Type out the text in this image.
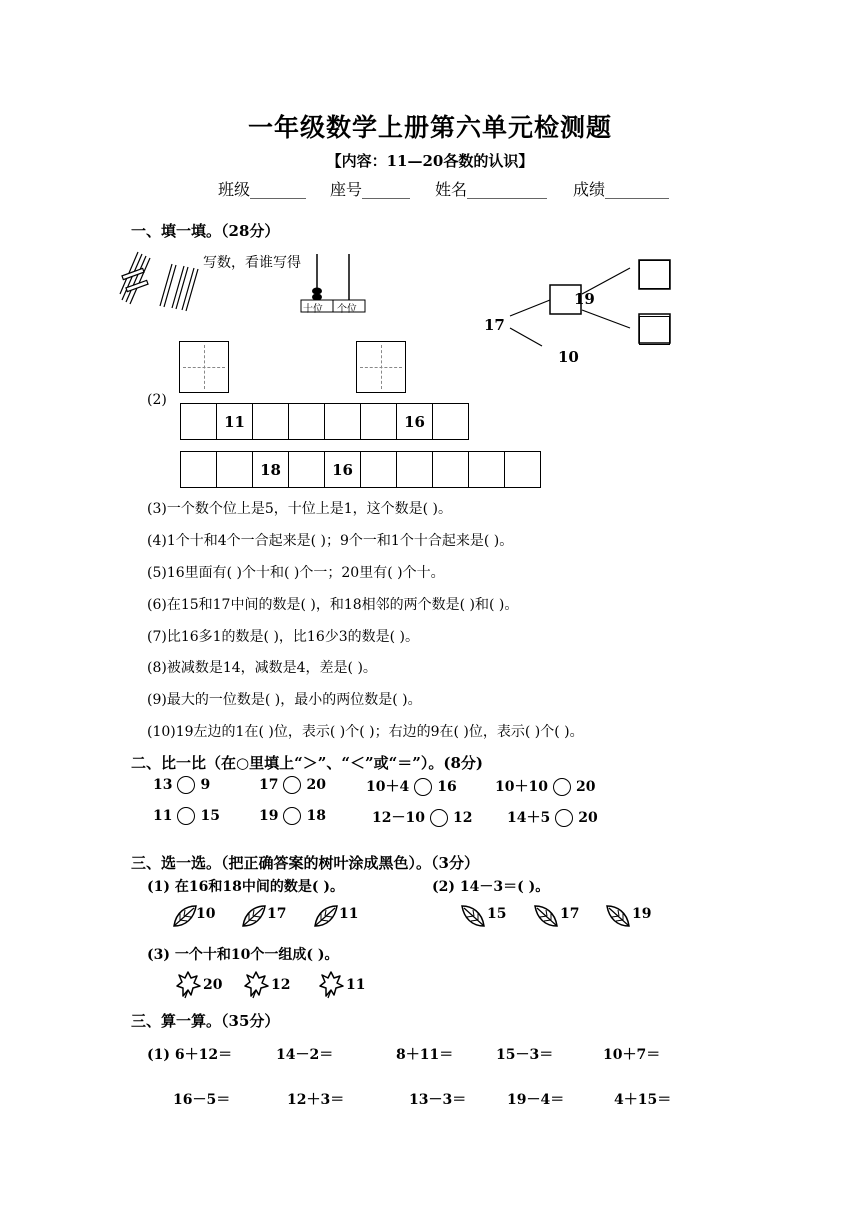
一年级数学上册第六单元检测题
【内容：11—20各数的认识】
班级_______ 座号______ 姓名__________ 成绩________
一、填一填。（28分）
写数，看谁写得
十位 个位
17
19
10
(2)
11	16
18	16
(3)一个数个位上是5，十位上是1，这个数是( )。
(4)1个十和4个一合起来是( )；9个一和1个十合起来是( )。
(5)16里面有( )个十和( )个一；20里有( )个十。
(6)在15和17中间的数是( )，和18相邻的两个数是( )和( )。
(7)比16多1的数是( )，比16少3的数是( )。
(8)被减数是14，减数是4，差是( )。
(9)最大的一位数是( )，最小的两位数是( )。
(10)19左边的1在( )位，表示( )个( )；右边的9在( )位，表示( )个( )。
二、比一比（在○里填上“＞”、“＜”或“＝”）。(8分)
13 9	17 20	10＋4 16	10＋10 20
11 15	19 18	12－10 12 14＋5 20
三、选一选。（把正确答案的树叶涂成黑色）。（3分）
(1) 在16和18中间的数是( )。	(2) 14－3＝( )。
10	17	11	15	17	19
(3) 一个十和10个一组成( )。
20	12	11
三、算一算。（35分）
(1) 6＋12＝	14－2＝	8＋11＝	15－3＝	10＋7＝
16－5＝	12＋3＝	13－3＝	19－4＝	4＋15＝
